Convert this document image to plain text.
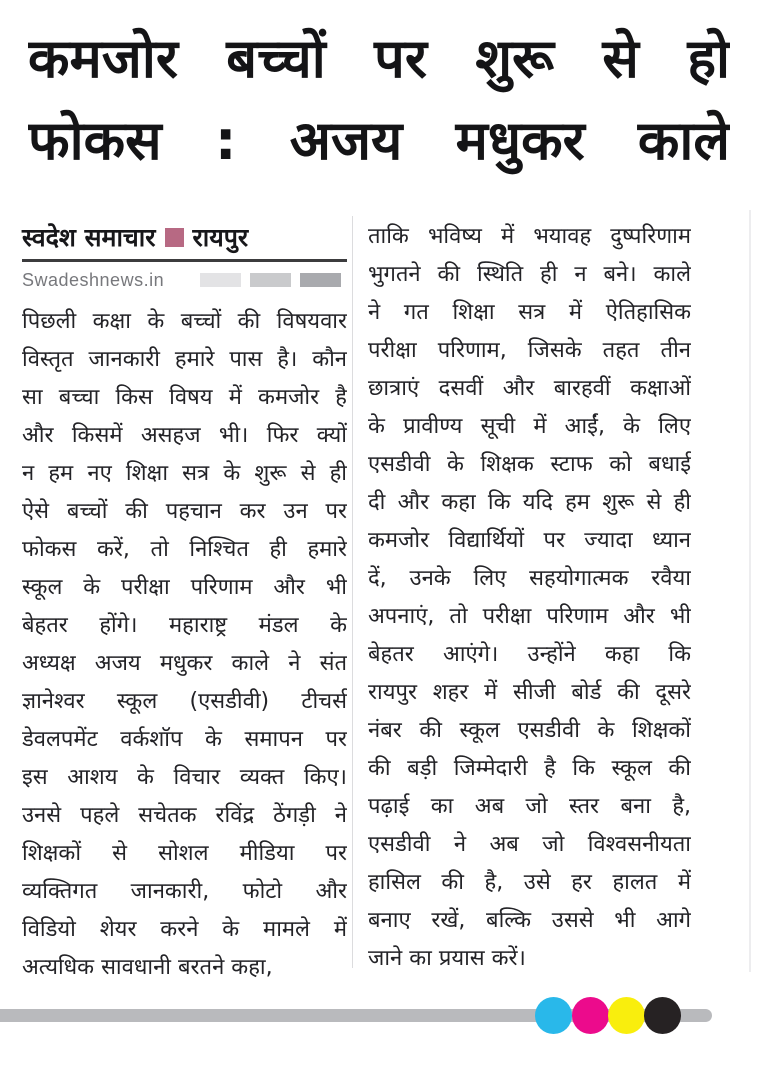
कमजोर बच्चों पर शुरू से हो
फोकस : अजय मधुकर काले
स्वदेश समाचार रायपुर
Swadeshnews.in
पिछली कक्षा के बच्चों की विषयवार
विस्तृत जानकारी हमारे पास है। कौन
सा बच्चा किस विषय में कमजोर है
और किसमें असहज भी। फिर क्यों
न हम नए शिक्षा सत्र के शुरू से ही
ऐसे बच्चों की पहचान कर उन पर
फोकस करें, तो निश्चित ही हमारे
स्कूल के परीक्षा परिणाम और भी
बेहतर होंगे। महाराष्ट्र मंडल के
अध्यक्ष अजय मधुकर काले ने संत
ज्ञानेश्वर स्कूल (एसडीवी) टीचर्स
डेवलपमेंट वर्कशॉप के समापन पर
इस आशय के विचार व्यक्त किए।
उनसे पहले सचेतक रविंद्र ठेंगड़ी ने
शिक्षकों से सोशल मीडिया पर
व्यक्तिगत जानकारी, फोटो और
विडियो शेयर करने के मामले में
अत्यधिक सावधानी बरतने कहा,
ताकि भविष्य में भयावह दुष्परिणाम
भुगतने की स्थिति ही न बने। काले
ने गत शिक्षा सत्र में ऐतिहासिक
परीक्षा परिणाम, जिसके तहत तीन
छात्राएं दसवीं और बारहवीं कक्षाओं
के प्रावीण्य सूची में आईं, के लिए
एसडीवी के शिक्षक स्टाफ को बधाई
दी और कहा कि यदि हम शुरू से ही
कमजोर विद्यार्थियों पर ज्यादा ध्यान
दें, उनके लिए सहयोगात्मक रवैया
अपनाएं, तो परीक्षा परिणाम और भी
बेहतर आएंगे। उन्होंने कहा कि
रायपुर शहर में सीजी बोर्ड की दूसरे
नंबर की स्कूल एसडीवी के शिक्षकों
की बड़ी जिम्मेदारी है कि स्कूल की
पढ़ाई का अब जो स्तर बना है,
एसडीवी ने अब जो विश्वसनीयता
हासिल की है, उसे हर हालत में
बनाए रखें, बल्कि उससे भी आगे
जाने का प्रयास करें।
